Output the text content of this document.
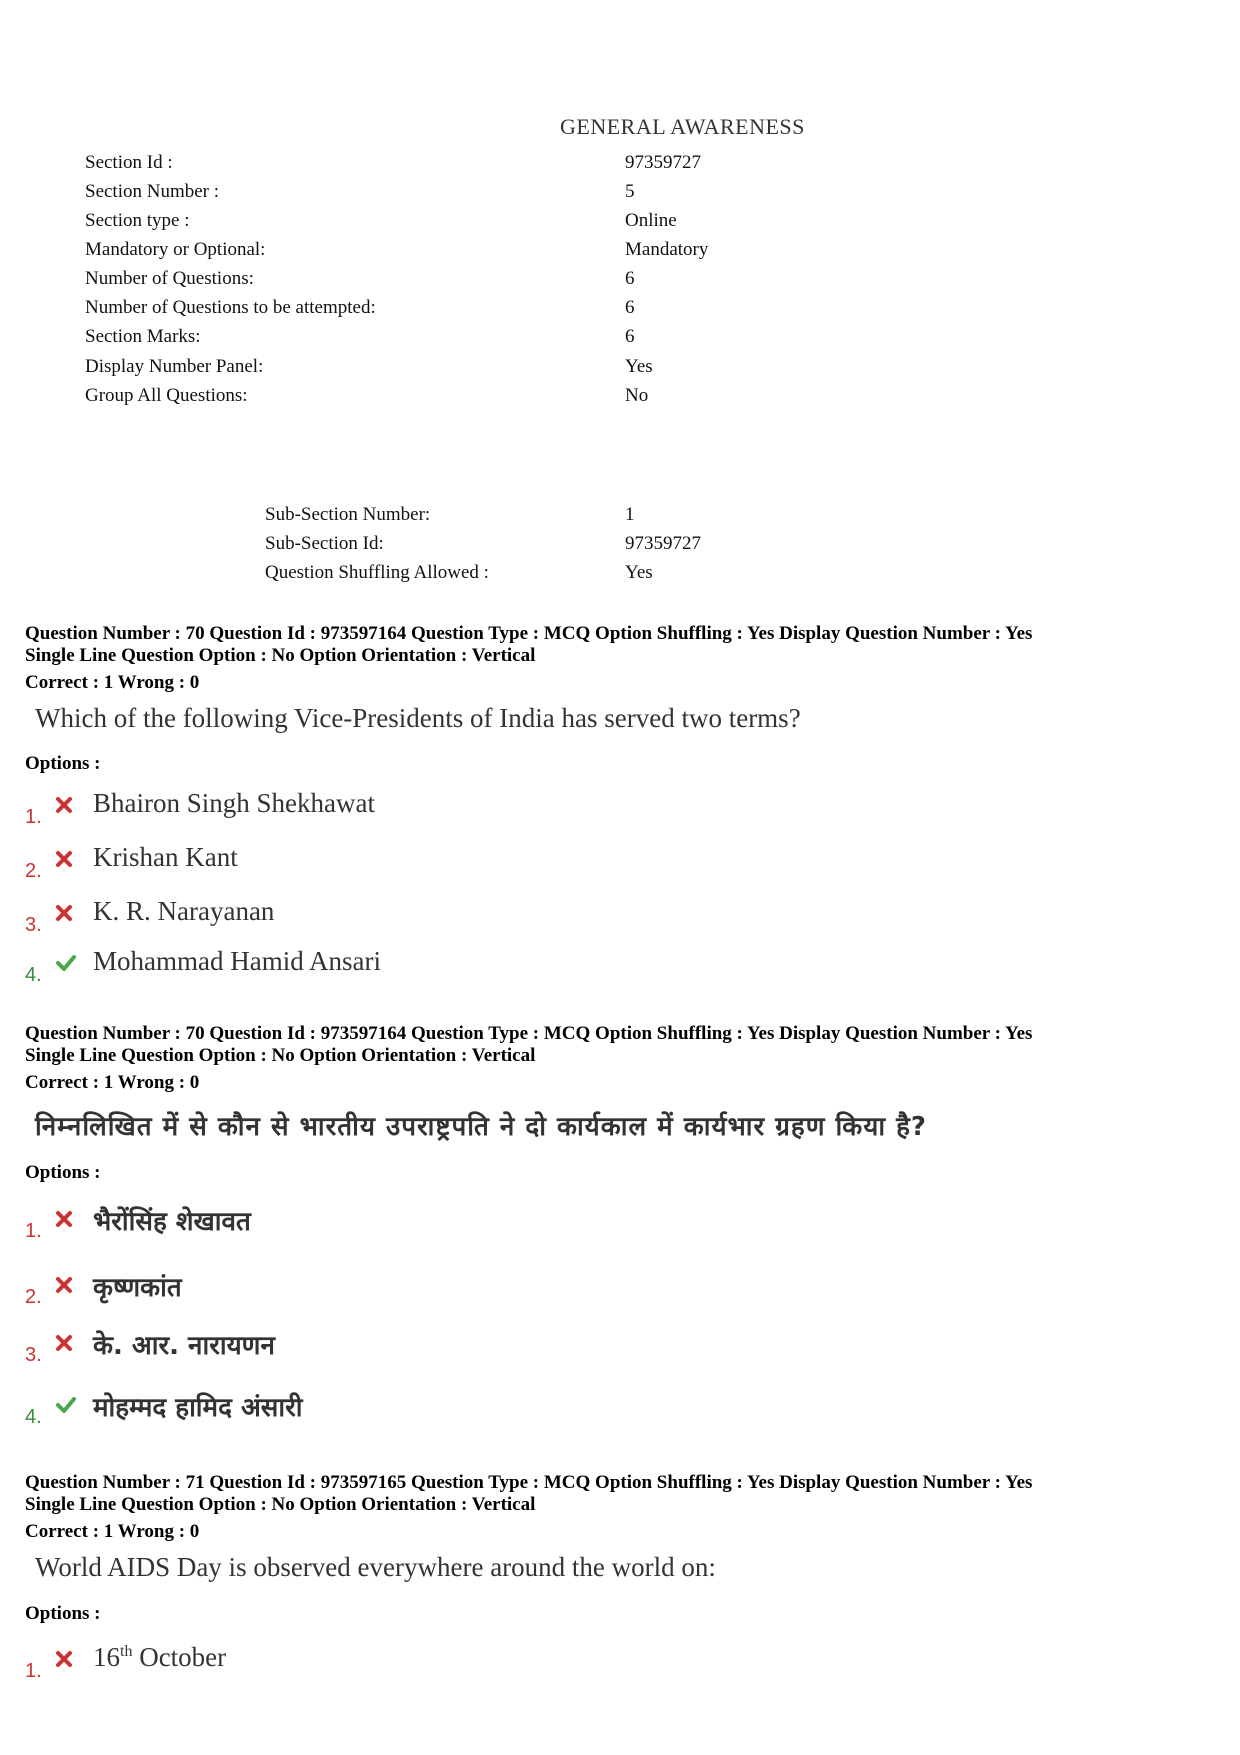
GENERAL AWARENESS
Section Id :	97359727
Section Number :	5
Section type :	Online
Mandatory or Optional:	Mandatory
Number of Questions:	6
Number of Questions to be attempted:	6
Section Marks:	6
Display Number Panel:	Yes
Group All Questions:	No
Sub-Section Number:	1
Sub-Section Id:	97359727
Question Shuffling Allowed :	Yes
Question Number : 70 Question Id : 973597164 Question Type : MCQ Option Shuffling : Yes Display Question Number : Yes
Single Line Question Option : No Option Orientation : Vertical
Correct : 1 Wrong : 0
Which of the following Vice-Presidents of India has served two terms?
Options :
1. Bhairon Singh Shekhawat
2. Krishan Kant
3. K. R. Narayanan
4. Mohammad Hamid Ansari
Question Number : 70 Question Id : 973597164 Question Type : MCQ Option Shuffling : Yes Display Question Number : Yes
Single Line Question Option : No Option Orientation : Vertical
Correct : 1 Wrong : 0
निम्नलिखित में से कौन से भारतीय उपराष्ट्रपति ने दो कार्यकाल में कार्यभार ग्रहण किया है?
Options :
1. भैरोंसिंह शेखावत
2. कृष्णकांत
3. के. आर. नारायणन
4. मोहम्मद हामिद अंसारी
Question Number : 71 Question Id : 973597165 Question Type : MCQ Option Shuffling : Yes Display Question Number : Yes
Single Line Question Option : No Option Orientation : Vertical
Correct : 1 Wrong : 0
World AIDS Day is observed everywhere around the world on:
Options :
1. 16th October
